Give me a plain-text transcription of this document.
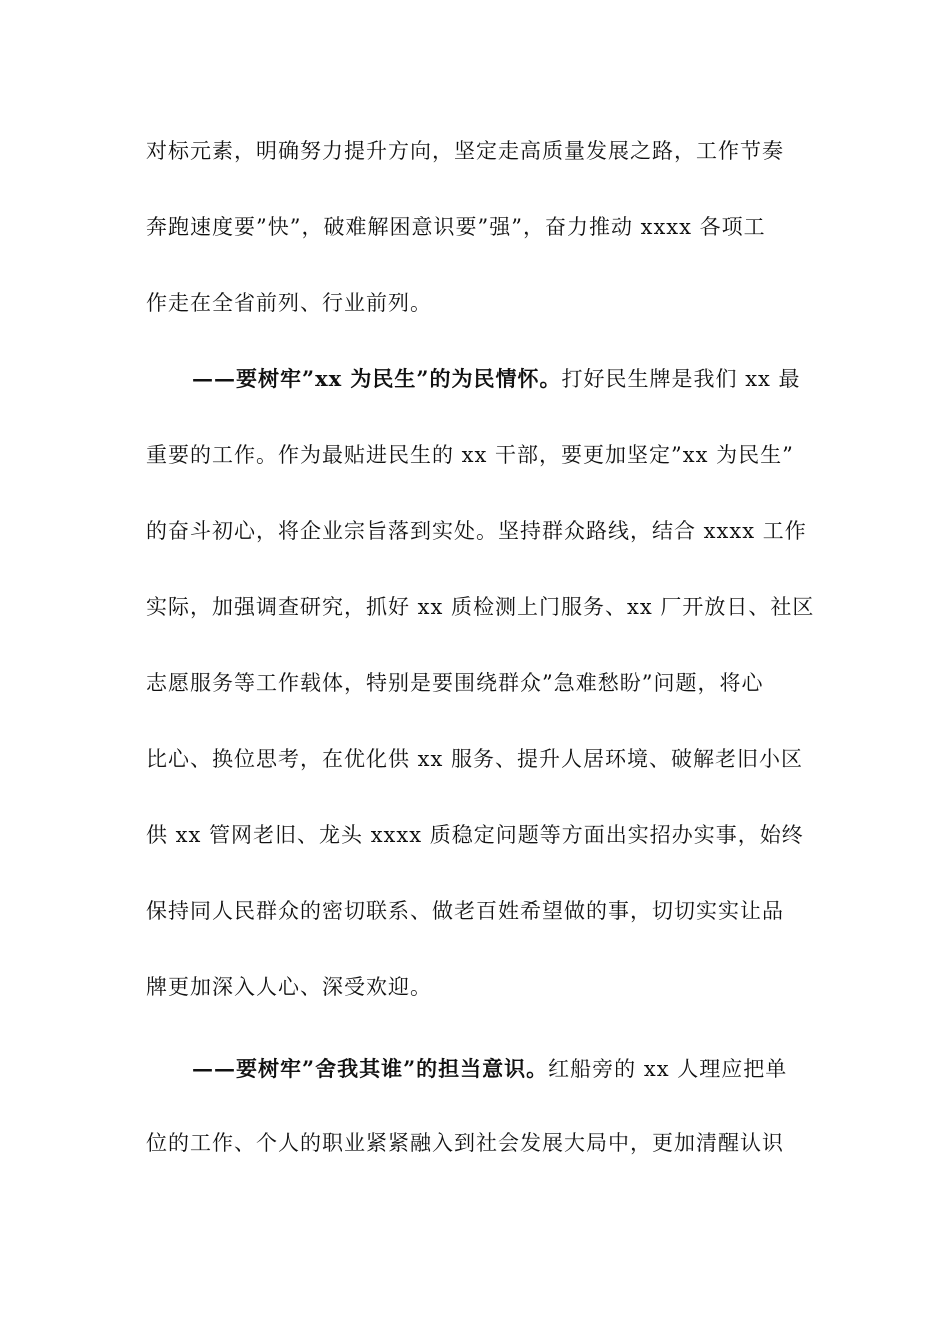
对标元素，明确努力提升方向，坚定走高质量发展之路，工作节奏
奔跑速度要”快”，破难解困意识要”强”，奋力推动 xxxx 各项工
作走在全省前列、行业前列。
——要树牢”xx 为民生”的为民情怀。打好民生牌是我们 xx 最
重要的工作。作为最贴进民生的 xx 干部，要更加坚定”xx 为民生”
的奋斗初心，将企业宗旨落到实处。坚持群众路线，结合 xxxx 工作
实际，加强调查研究，抓好 xx 质检测上门服务、xx 厂开放日、社区
志愿服务等工作载体，特别是要围绕群众”急难愁盼”问题，将心
比心、换位思考，在优化供 xx 服务、提升人居环境、破解老旧小区
供 xx 管网老旧、龙头 xxxx 质稳定问题等方面出实招办实事，始终
保持同人民群众的密切联系、做老百姓希望做的事，切切实实让品
牌更加深入人心、深受欢迎。
——要树牢”舍我其谁”的担当意识。红船旁的 xx 人理应把单
位的工作、个人的职业紧紧融入到社会发展大局中，更加清醒认识
